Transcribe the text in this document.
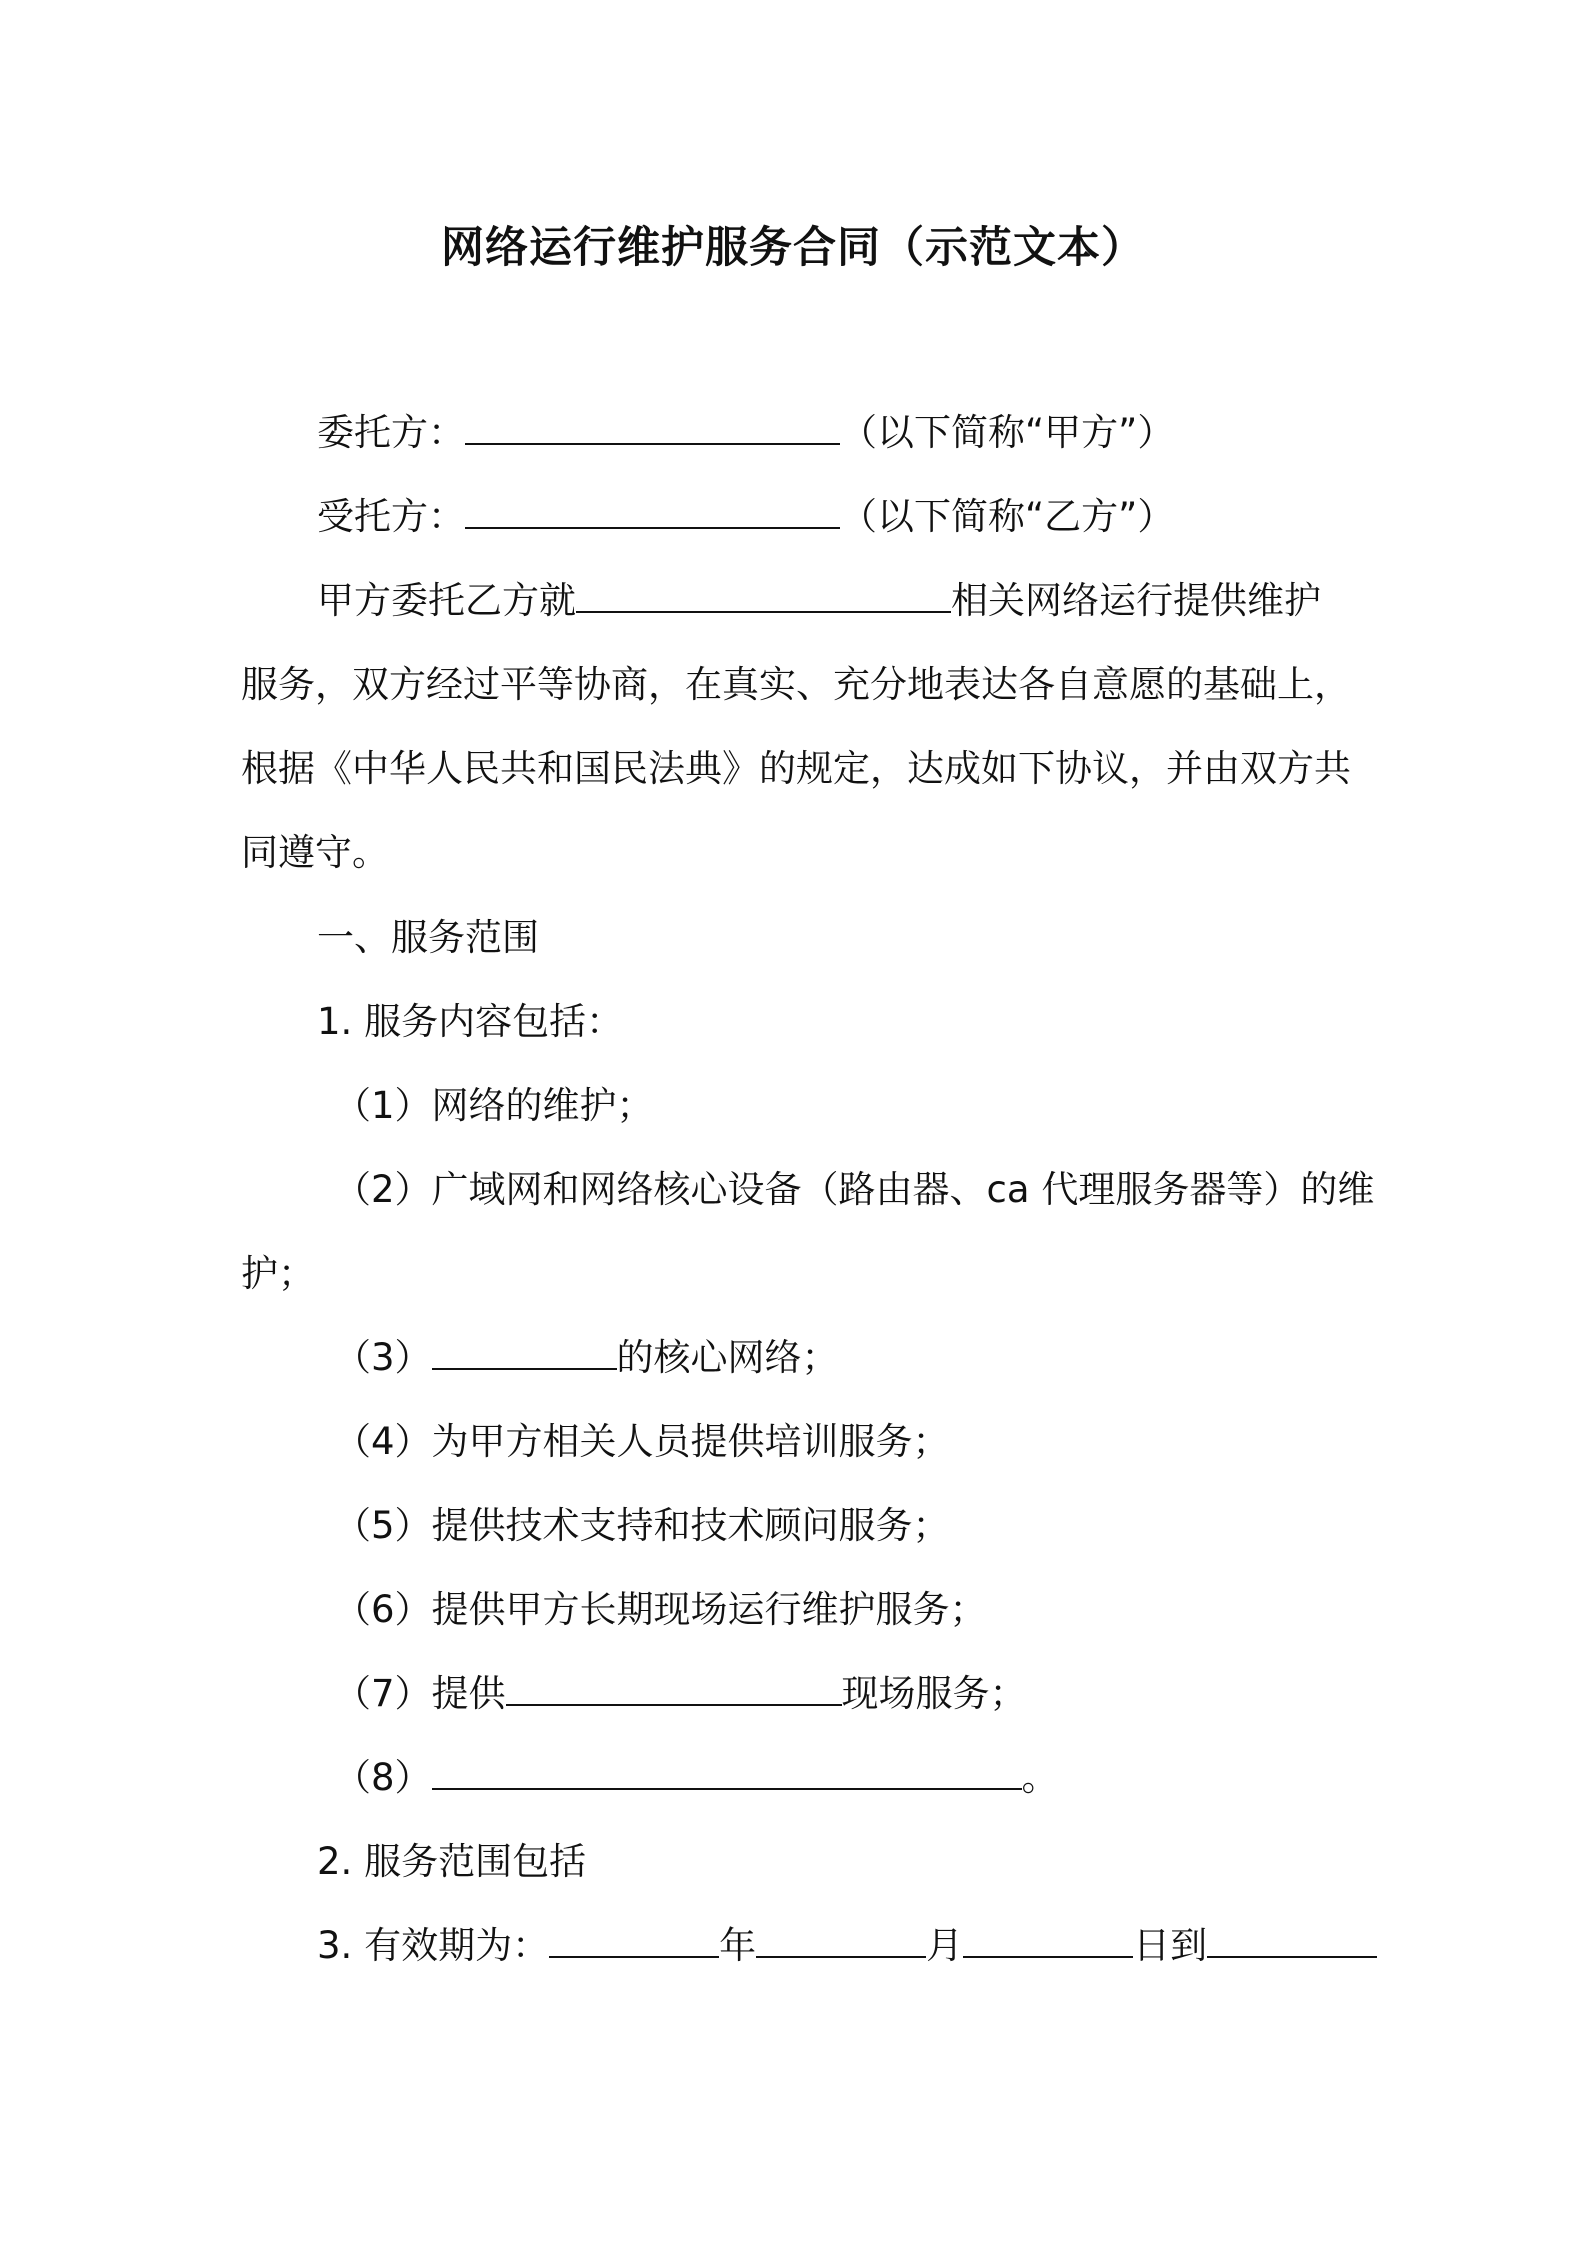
网络运行维护服务合同（示范文本）

委托方：	（以下简称“甲方”）

受托方：	（以下简称“乙方”）

甲方委托乙方就	相关网络运行提供维护

服务，双方经过平等协商，在真实、充分地表达各自意愿的基础上，

根据《中华人民共和国民法典》的规定，达成如下协议，并由双方共

同遵守。

一、服务范围

1. 服务内容包括：

（1）网络的维护；

（2）广域网和网络核心设备（路由器、ca 代理服务器等）的维

护；

（3）	的核心网络；

（4）为甲方相关人员提供培训服务；

（5）提供技术支持和技术顾问服务；

（6）提供甲方长期现场运行维护服务；

（7）提供	现场服务；

（8）	。

2. 服务范围包括

3. 有效期为：	年	月	日到
